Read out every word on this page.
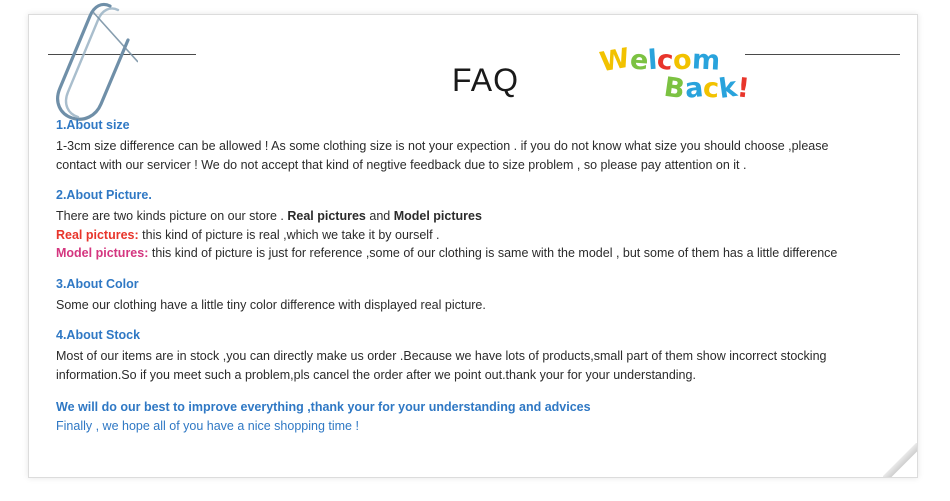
FAQ
Welcom
Back!
1.About size
1-3cm size difference can be allowed ! As some clothing size is not your expection . if you do not know what size you should choose ,please
contact with our servicer ! We do not accept that kind of negtive feedback due to size problem , so please pay attention on it .
2.About Picture.
There are two kinds picture on our store . Real pictures and Model pictures
Real pictures: this kind of picture is real ,which we take it by ourself .
Model pictures: this kind of picture is just for reference ,some of our clothing is same with the model , but some of them has a little difference
3.About Color
Some our clothing have a little tiny color difference with displayed real picture.
4.About Stock
Most of our items are in stock ,you can directly make us order .Because we have lots of products,small part of them show incorrect stocking
information.So if you meet such a problem,pls cancel the order after we point out.thank your for your understanding.
We will do our best to improve everything ,thank your for your understanding and advices
Finally , we hope all of you have a nice shopping time !
